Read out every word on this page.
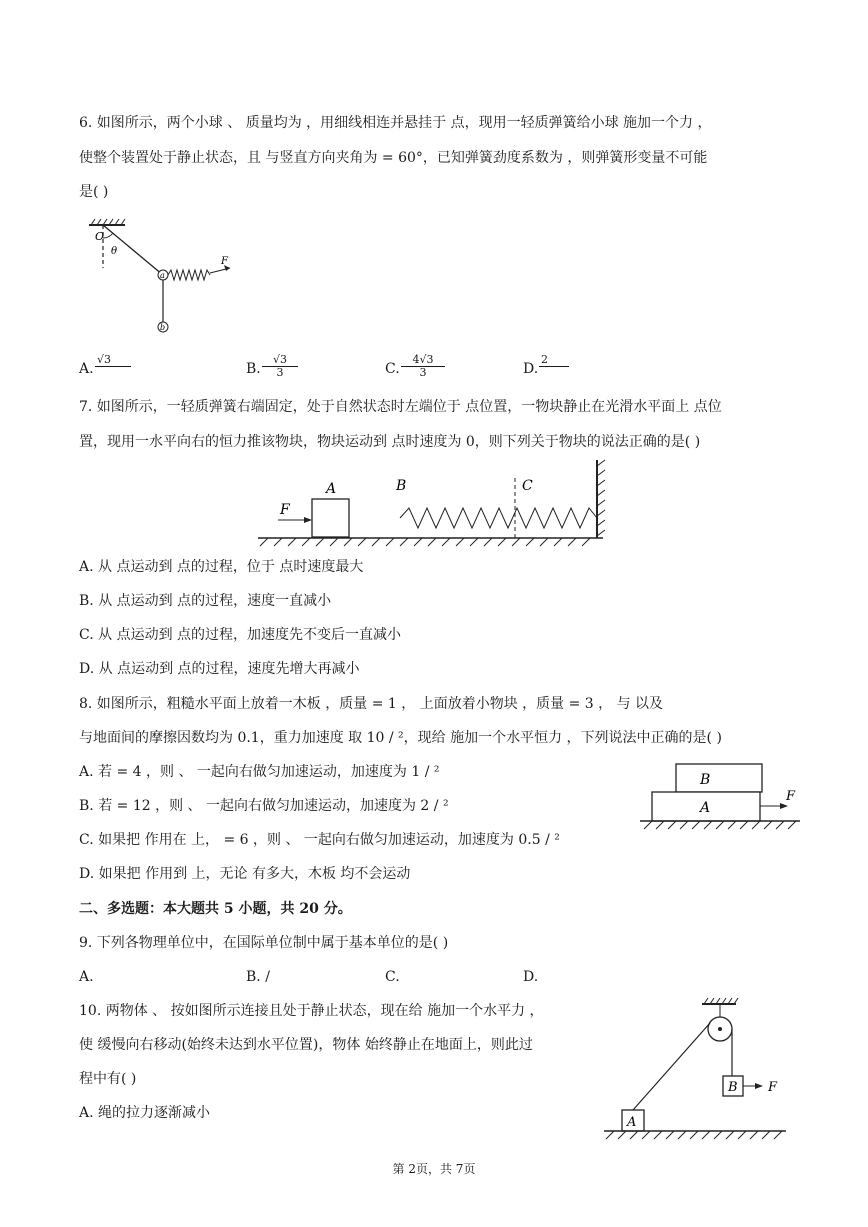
6. 如图所示，两个小球 、 质量均为 ，用细线相连并悬挂于 点，现用一轻质弹簧给小球 施加一个力 ，
使整个装置处于静止状态，且 与竖直方向夹角为 = 60°，已知弹簧劲度系数为 ，则弹簧形变量不可能
是( )
O
θ
a
F
b
A.
√3
B. $\frac{√3}{3}$	C. $\frac{4√3}{3}$	D.
2
7. 如图所示，一轻质弹簧右端固定，处于自然状态时左端位于 点位置，一物块静止在光滑水平面上 点位
置，现用一水平向右的恒力推该物块，物块运动到 点时速度为 0，则下列关于物块的说法正确的是( )
A
F
B	C
A. 从 点运动到 点的过程，位于 点时速度最大
B. 从 点运动到 点的过程，速度一直减小
C. 从 点运动到 点的过程，加速度先不变后一直减小
D. 从 点运动到 点的过程，速度先增大再减小
8. 如图所示，粗糙水平面上放着一木板 ，质量 = 1 ， 上面放着小物块 ，质量 = 3 ， 与 以及
与地面间的摩擦因数均为 0.1，重力加速度 取 10 / ²，现给 施加一个水平恒力 ，下列说法中正确的是( )
A. 若 = 4 ，则 、 一起向右做匀加速运动，加速度为 1 / ²
B. 若 = 12 ，则 、 一起向右做匀加速运动，加速度为 2 / ²
C. 如果把 作用在 上， = 6 ，则 、 一起向右做匀加速运动，加速度为 0.5 / ²
D. 如果把 作用到 上，无论 有多大，木板 均不会运动
B
A
F
二、多选题：本大题共 5 小题，共 20 分。
9. 下列各物理单位中，在国际单位制中属于基本单位的是( )
A.	B. /	C.	D.
10. 两物体 、 按如图所示连接且处于静止状态，现在给 施加一个水平力 ，
使 缓慢向右移动(始终未达到水平位置)，物体 始终静止在地面上，则此过
程中有( )
A. 绳的拉力逐渐减小
B F
A
第 2页，共 7页
